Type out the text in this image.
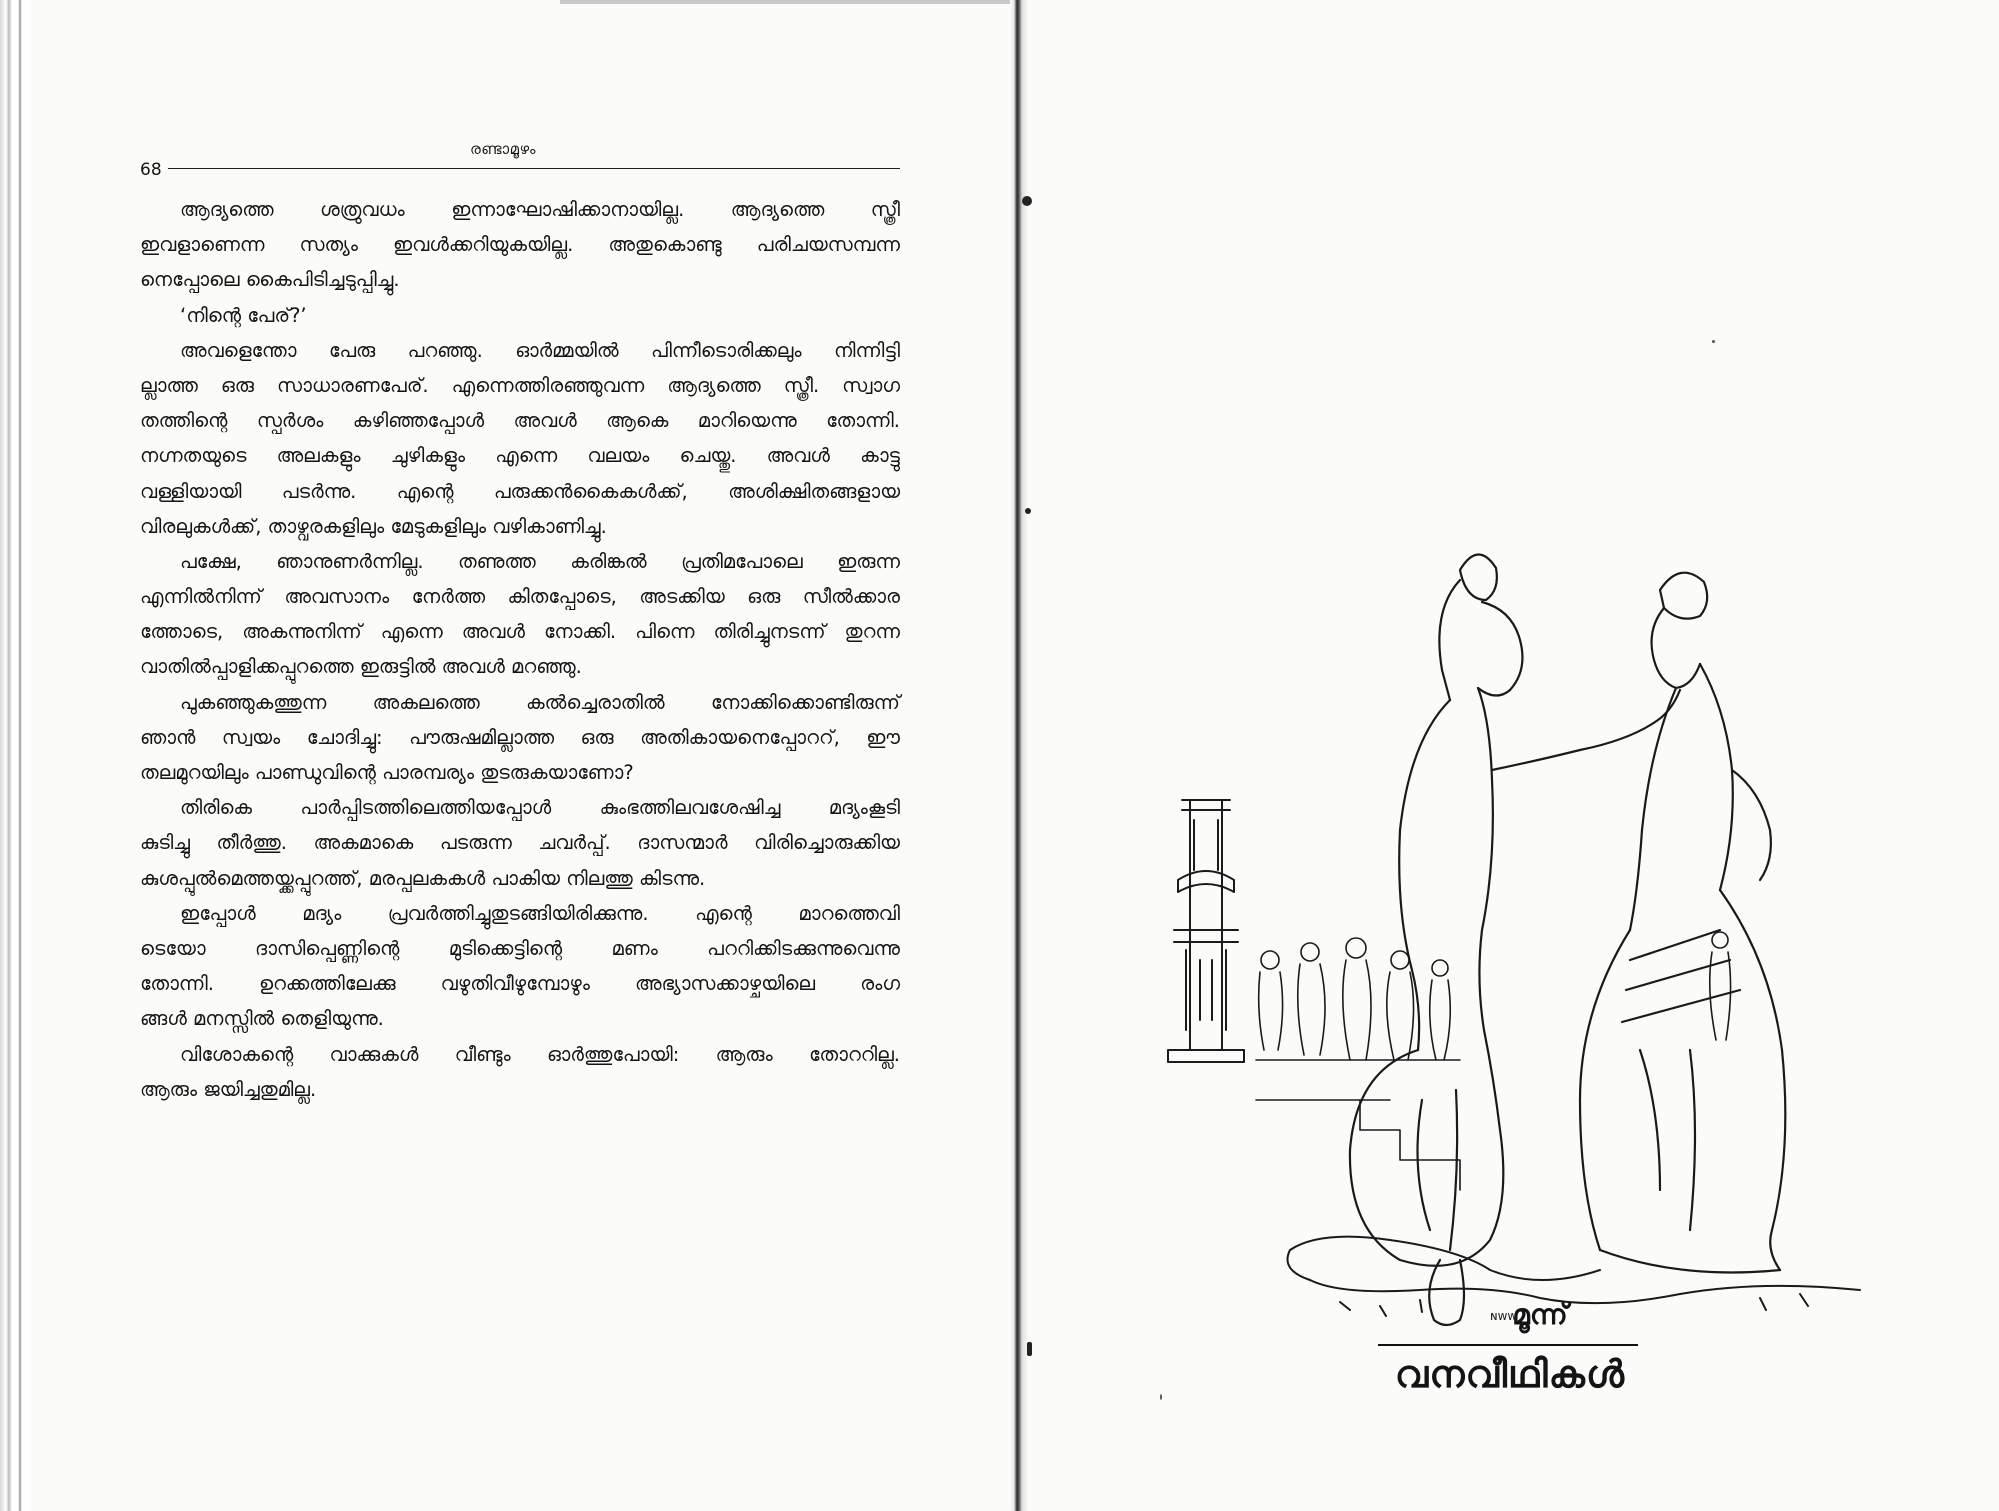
68
രണ്ടാമൂഴം
ആദ്യത്തെ ശത്രുവധം ഇന്നാഘോഷിക്കാനായില്ല. ആദ്യത്തെ സ്ത്രീ
ഇവളാണെന്ന സത്യം ഇവൾക്കറിയുകയില്ല. അതുകൊണ്ടു പരിചയസമ്പന്ന
നെപ്പോലെ കൈപിടിച്ചടുപ്പിച്ചു.
‘നിന്റെ പേര്?’
അവളെന്തോ പേരു പറഞ്ഞു. ഓർമ്മയിൽ പിന്നീടൊരിക്കലും നിന്നിട്ടി
ല്ലാത്ത ഒരു സാധാരണപേര്. എന്നെത്തിരഞ്ഞുവന്ന ആദ്യത്തെ സ്ത്രീ. സ്വാഗ
തത്തിന്റെ സ്പർശം കഴിഞ്ഞപ്പോൾ അവൾ ആകെ മാറിയെന്നു തോന്നി.
നഗ്നതയുടെ അലകളും ചുഴികളും എന്നെ വലയം ചെയ്തു. അവൾ കാട്ടു
വള്ളിയായി പടർന്നു. എന്റെ പരുക്കൻകൈകൾക്ക്, അശിക്ഷിതങ്ങളായ
വിരലുകൾക്ക്, താഴ്വരകളിലും മേടുകളിലും വഴികാണിച്ചു.
പക്ഷേ, ഞാനുണർന്നില്ല. തണുത്ത കരിങ്കൽ പ്രതിമപോലെ ഇരുന്ന
എന്നിൽനിന്ന് അവസാനം നേർത്ത കിതപ്പോടെ, അടക്കിയ ഒരു സീൽക്കാര
ത്തോടെ, അകന്നുനിന്ന് എന്നെ അവൾ നോക്കി. പിന്നെ തിരിച്ചുനടന്ന് തുറന്ന
വാതിൽപ്പാളിക്കപ്പുറത്തെ ഇരുട്ടിൽ അവൾ മറഞ്ഞു.
പുകഞ്ഞുകത്തുന്ന അകലത്തെ കൽച്ചെരാതിൽ നോക്കിക്കൊണ്ടിരുന്ന്
ഞാൻ സ്വയം ചോദിച്ചു: പൗരുഷമില്ലാത്ത ഒരു അതികായനെപ്പോററ്, ഈ
തലമുറയിലും പാണ്ഡുവിന്റെ പാരമ്പര്യം തുടരുകയാണോ?
തിരികെ പാർപ്പിടത്തിലെത്തിയപ്പോൾ കുംഭത്തിലവശേഷിച്ച മദ്യംകൂടി
കുടിച്ചു തീർത്തു. അകമാകെ പടരുന്ന ചവർപ്പ്. ദാസന്മാർ വിരിച്ചൊരുക്കിയ
കുശപ്പുൽമെത്തയ്ക്കപ്പുറത്ത്, മരപ്പലകകൾ പാകിയ നിലത്തു കിടന്നു.
ഇപ്പോൾ മദ്യം പ്രവർത്തിച്ചുതുടങ്ങിയിരിക്കുന്നു. എന്റെ മാറത്തെവി
ടെയോ ദാസിപ്പെണ്ണിന്റെ മുടിക്കെട്ടിന്റെ മണം പററിക്കിടക്കുന്നുവെന്നു
തോന്നി. ഉറക്കത്തിലേക്കു വഴുതിവീഴുമ്പോഴും അഭ്യാസക്കാഴ്ചയിലെ രംഗ
ങ്ങൾ മനസ്സിൽ തെളിയുന്നു.
വിശോകന്റെ വാക്കുകൾ വീണ്ടും ഓർത്തുപോയി: ആരും തോററില്ല.
ആരും ജയിച്ചതുമില്ല.
ɴwᴡ
മൂന്ന്
വനവീഥികൾ
